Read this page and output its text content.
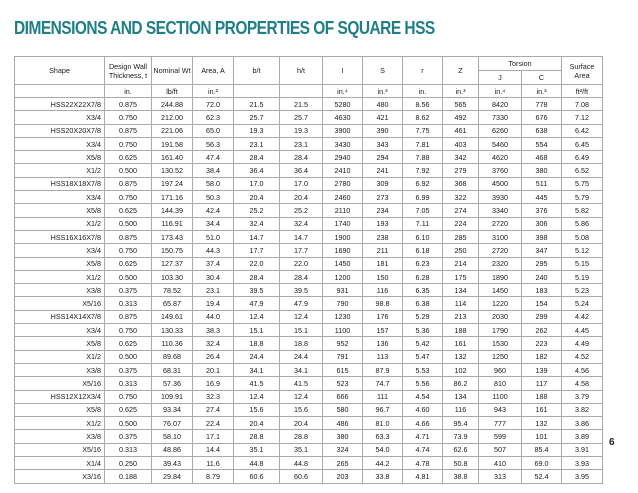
DIMENSIONS AND SECTION PROPERTIES OF SQUARE HSS
Shape	Design Wall Thickness, t	Nominal Wt	Area, A	b/t	h/t	I	S	r	Z	Torsion		Surface Area
										J	C	
	in.	lb/ft	in.²			in.⁴	in.³	in.	in.³	in.⁴	in.³	ft²/ft
HSS22X22X7/8	0.875	244.88	72.0	21.5	21.5	5280	480	8.56	565	8420	778	7.08
X3/4	0.750	212.00	62.3	25.7	25.7	4630	421	8.62	492	7330	676	7.12
HSS20X20X7/8	0.875	221.06	65.0	19.3	19.3	3900	390	7.75	461	6260	638	6.42
X3/4	0.750	191.58	56.3	23.1	23.1	3430	343	7.81	403	5460	554	6.45
X5/8	0.625	161.40	47.4	28.4	28.4	2940	294	7.88	342	4620	468	6.49
X1/2	0.500	130.52	38.4	36.4	36.4	2410	241	7.92	279	3760	380	6.52
HSS18X18X7/8	0.875	197.24	58.0	17.0	17.0	2780	309	6.92	368	4500	511	5.75
X3/4	0.750	171.16	50.3	20.4	20.4	2460	273	6.99	322	3930	445	5.79
X5/8	0.625	144.39	42.4	25.2	25.2	2110	234	7.05	274	3340	376	5.82
X1/2	0.500	116.91	34.4	32.4	32.4	1740	193	7.11	224	2720	306	5.86
HSS16X16X7/8	0.875	173.43	51.0	14.7	14.7	1900	238	6.10	285	3100	398	5.08
X3/4	0.750	150.75	44.3	17.7	17.7	1690	211	6.18	250	2720	347	5.12
X5/8	0.625	127.37	37.4	22.0	22.0	1450	181	6.23	214	2320	295	5.15
X1/2	0.500	103.30	30.4	28.4	28.4	1200	150	6.28	175	1890	240	5.19
X3/8	0.375	78.52	23.1	39.5	39.5	931	116	6.35	134	1450	183	5.23
X5/16	0.313	65.87	19.4	47.9	47.9	790	98.8	6.38	114	1220	154	5.24
HSS14X14X7/8	0.875	149.61	44.0	12.4	12.4	1230	176	5.29	213	2030	299	4.42
X3/4	0.750	130.33	38.3	15.1	15.1	1100	157	5.36	188	1790	262	4.45
X5/8	0.625	110.36	32.4	18.8	18.8	952	136	5.42	161	1530	223	4.49
X1/2	0.500	89.68	26.4	24.4	24.4	791	113	5.47	132	1250	182	4.52
X3/8	0.375	68.31	20.1	34.1	34.1	615	87.9	5.53	102	960	139	4.56
X5/16	0.313	57.36	16.9	41.5	41.5	523	74.7	5.56	86.2	810	117	4.58
HSS12X12X3/4	0.750	109.91	32.3	12.4	12.4	666	111	4.54	134	1100	188	3.79
X5/8	0.625	93.34	27.4	15.6	15.6	580	96.7	4.60	116	943	161	3.82
X1/2	0.500	76.07	22.4	20.4	20.4	486	81.0	4.66	95.4	777	132	3.86
X3/8	0.375	58.10	17.1	28.8	28.8	380	63.3	4.71	73.9	599	101	3.89
X5/16	0.313	48.86	14.4	35.1	35.1	324	54.0	4.74	62.6	507	85.4	3.91
X1/4	0.250	39.43	11.6	44.8	44.8	265	44.2	4.78	50.8	410	69.0	3.93
X3/16	0.188	29.84	8.79	60.6	60.6	203	33.8	4.81	38.8	313	52.4	3.95
6
